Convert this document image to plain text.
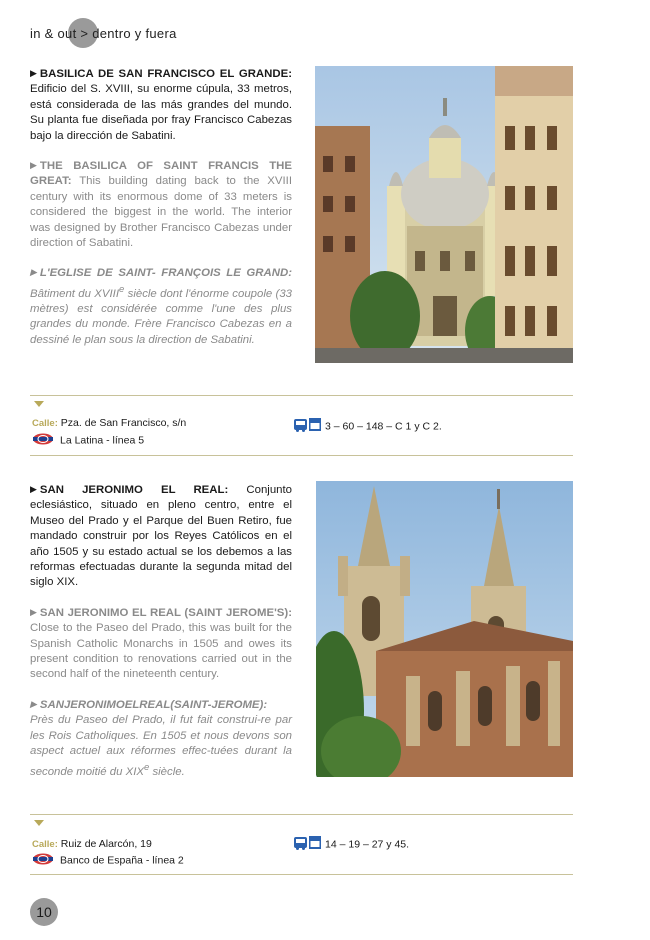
in & out > dentro y fuera

▶ BASILICA DE SAN FRANCISCO EL GRANDE: Edificio del S. XVIII, su enorme cúpula, 33 metros, está considerada de las más grandes del mundo. Su planta fue diseñada por fray Francisco Cabezas bajo la dirección de Sabatini.

▶ THE BASILICA OF SAINT FRANCIS THE GREAT: This building dating back to the XVIII century with its enormous dome of 33 meters is considered the biggest in the world. The interior was designed by Brother Francisco Cabezas under direction of Sabatini.

▶ L'EGLISE DE SAINT- FRANÇOIS LE GRAND: Bâtiment du XVIIIe siècle dont l'énorme coupole (33 mètres) est considérée comme l'une des plus grandes du monde. Frère Francisco Cabezas en a dessiné le plan sous la direction de Sabatini.

Calle: Pza. de San Francisco, s/n
La Latina - línea 5
3 – 60 – 148 – C 1 y C 2.

▶ SAN JERONIMO EL REAL: Conjunto eclesiástico, situado en pleno centro, entre el Museo del Prado y el Parque del Buen Retiro, fue mandado construir por los Reyes Católicos en el año 1505 y su estado actual se los debemos a las reformas efectuadas durante la segunda mitad del siglo XIX.

▶ SAN JERONIMO EL REAL (SAINT JEROME'S): Close to the Paseo del Prado, this was built for the Spanish Catholic Monarchs in 1505 and owes its present condition to renovations carried out in the second half of the nineteenth century.

▶ SANJERONIMOELREAL(SAINT-JEROME): Près du Paseo del Prado, il fut fait construi-re par les Rois Catholiques. En 1505 et nous devons son aspect actuel aux réformes effec-tuées durant la seconde moitié du XIXe siècle.

Calle: Ruiz de Alarcón, 19
Banco de España - línea 2
14 – 19 – 27 y 45.
10
